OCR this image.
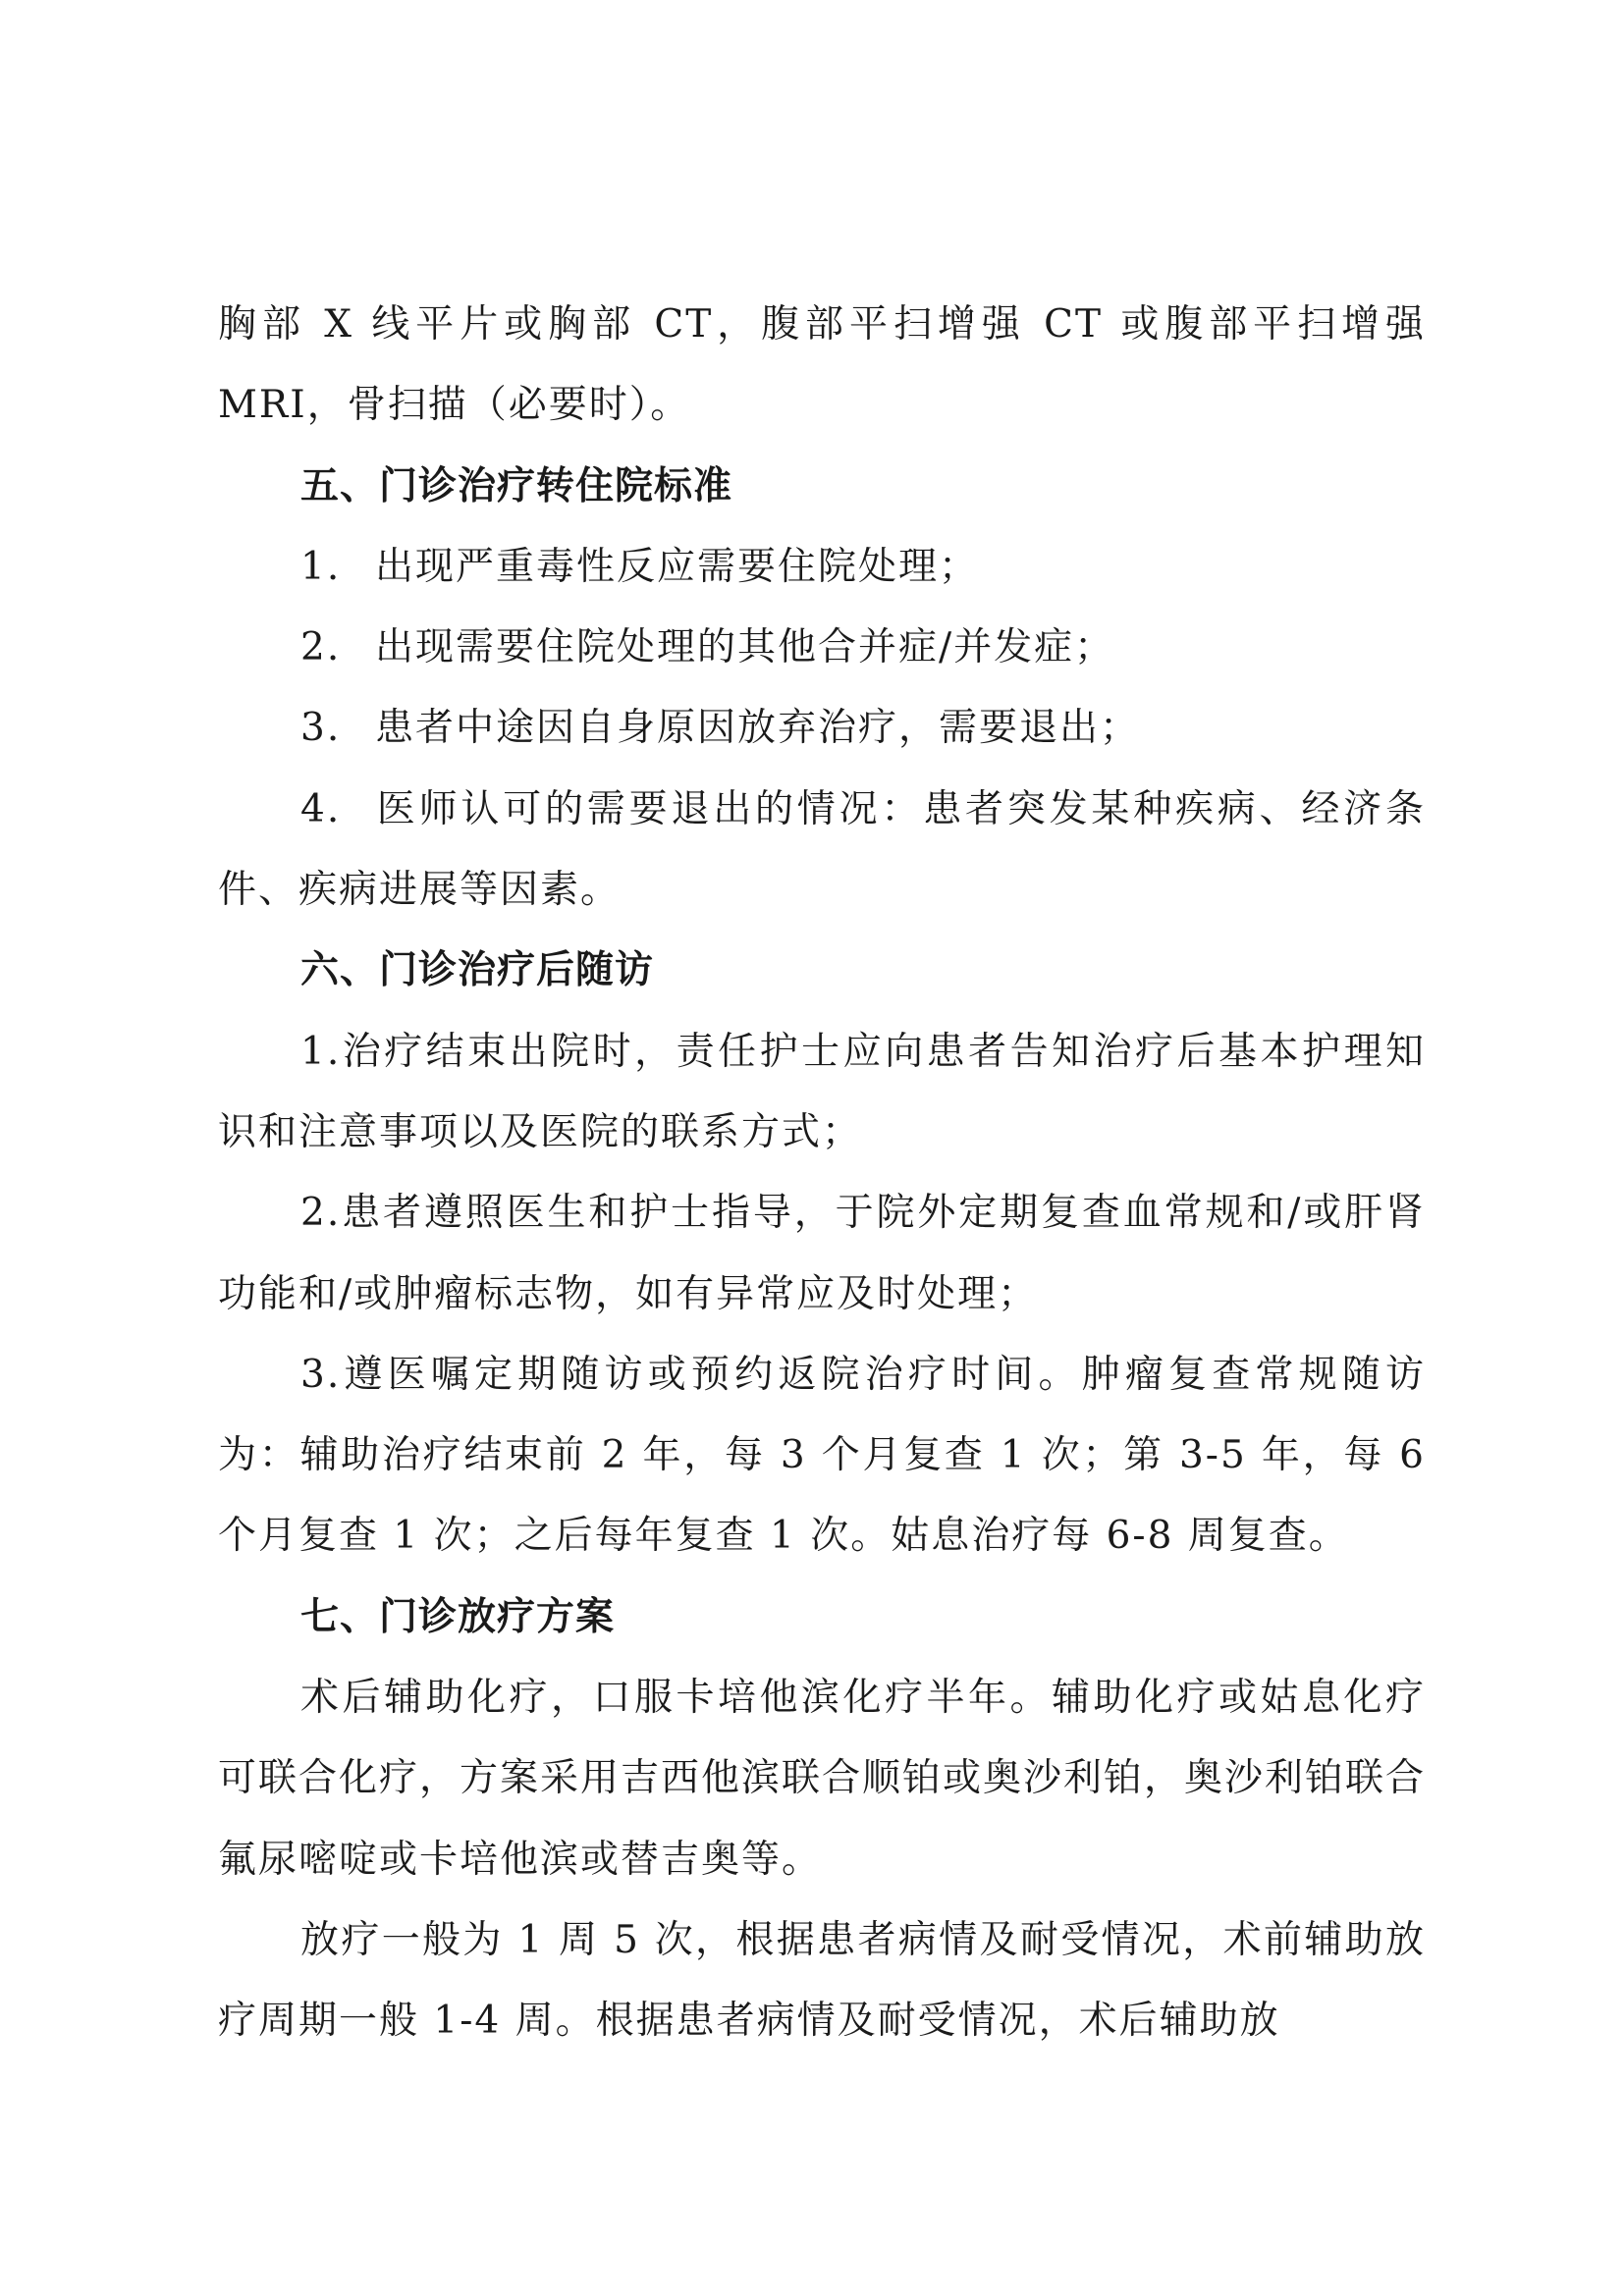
胸部 X 线平片或胸部 CT，腹部平扫增强 CT 或腹部平扫增强MRI，骨扫描（必要时）。

五、门诊治疗转住院标准

1. 出现严重毒性反应需要住院处理；

2. 出现需要住院处理的其他合并症/并发症；

3. 患者中途因自身原因放弃治疗，需要退出；

4. 医师认可的需要退出的情况：患者突发某种疾病、经济条件、疾病进展等因素。

六、门诊治疗后随访

1.治疗结束出院时，责任护士应向患者告知治疗后基本护理知识和注意事项以及医院的联系方式；

2.患者遵照医生和护士指导，于院外定期复查血常规和/或肝肾功能和/或肿瘤标志物，如有异常应及时处理；

3.遵医嘱定期随访或预约返院治疗时间。肿瘤复查常规随访为：辅助治疗结束前 2 年，每 3 个月复查 1 次；第 3-5 年，每 6 个月复查 1 次；之后每年复查 1 次。姑息治疗每 6-8 周复查。

七、门诊放疗方案

术后辅助化疗，口服卡培他滨化疗半年。辅助化疗或姑息化疗可联合化疗，方案采用吉西他滨联合顺铂或奥沙利铂，奥沙利铂联合氟尿嘧啶或卡培他滨或替吉奥等。

放疗一般为 1 周 5 次，根据患者病情及耐受情况，术前辅助放疗周期一般 1-4 周。根据患者病情及耐受情况，术后辅助放
